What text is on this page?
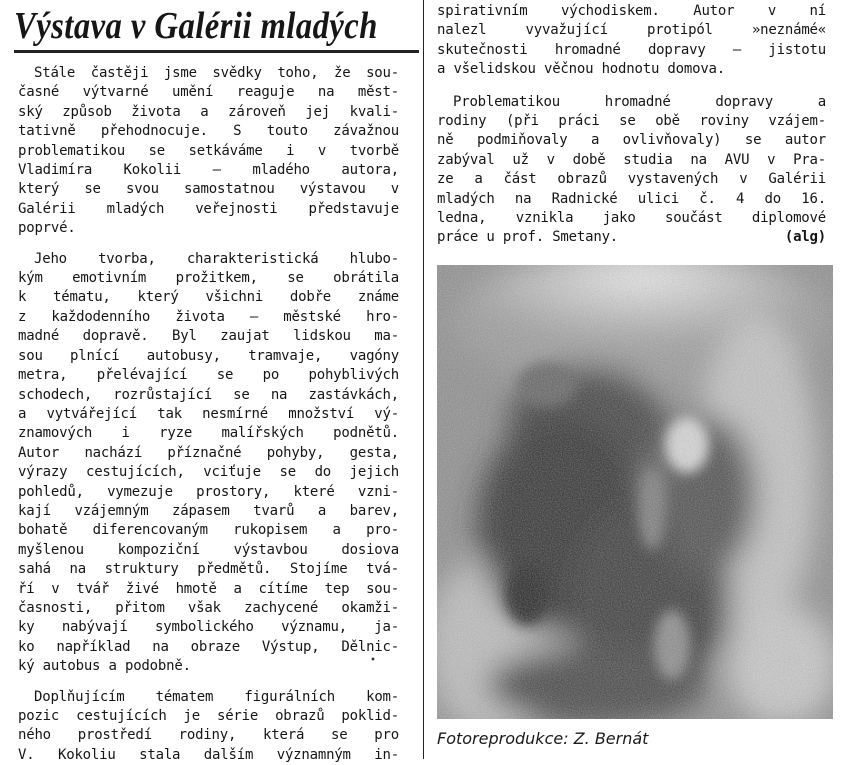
Výstava v Galérii mladých

Stále častěji jsme svědky toho, že sou-
časné výtvarné umění reaguje na měst-
ský způsob života a zároveň jej kvali-
tativně přehodnocuje. S touto závažnou
problematikou se setkáváme i v tvorbě
Vladimíra Kokolii — mladého autora,
který se svou samostatnou výstavou v
Galérii mladých veřejnosti představuje
poprvé.

Jeho tvorba, charakteristická hlubo-
kým emotivním prožitkem, se obrátila
k tématu, který všichni dobře známe
z každodenního života — městské hro-
madné dopravě. Byl zaujat lidskou ma-
sou plnící autobusy, tramvaje, vagóny
metra, přelévající se po pohyblivých
schodech, rozrůstající se na zastávkách,
a vytvářející tak nesmírné množství vý-
znamových i ryze malířských podnětů.
Autor nachází příznačné pohyby, gesta,
výrazy cestujících, vciťuje se do jejich
pohledů, vymezuje prostory, které vzni-
kají vzájemným zápasem tvarů a barev,
bohatě diferencovaným rukopisem a pro-
myšlenou kompoziční výstavbou dosiova
sahá na struktury předmětů. Stojíme tvá-
ří v tvář živé hmotě a cítíme tep sou-
časnosti, přitom však zachycené okamži-
ky nabývají symbolického významu, ja-
ko například na obraze Výstup, Dělnic-
ký autobus a podobně.

Doplňujícím tématem figurálních kom-
pozic cestujících je série obrazů poklid-
ného prostředí rodiny, která se pro
V. Kokoliu stala dalším významným in-

•

spirativním východiskem. Autor v ní
nalezl vyvažující protipól »neznámé«
skutečnosti hromadné dopravy — jistotu
a všelidskou věčnou hodnotu domova.

Problematikou hromadné dopravy a
rodiny (při práci se obě roviny vzájem-
ně podmiňovaly a ovlivňovaly) se autor
zabýval už v době studia na AVU v Pra-
ze a část obrazů vystavených v Galérii
mladých na Radnické ulici č. 4 do 16.
ledna, vznikla jako součást diplomové

práce u prof. Smetany.	(alg)

Fotoreprodukce: Z. Bernát
